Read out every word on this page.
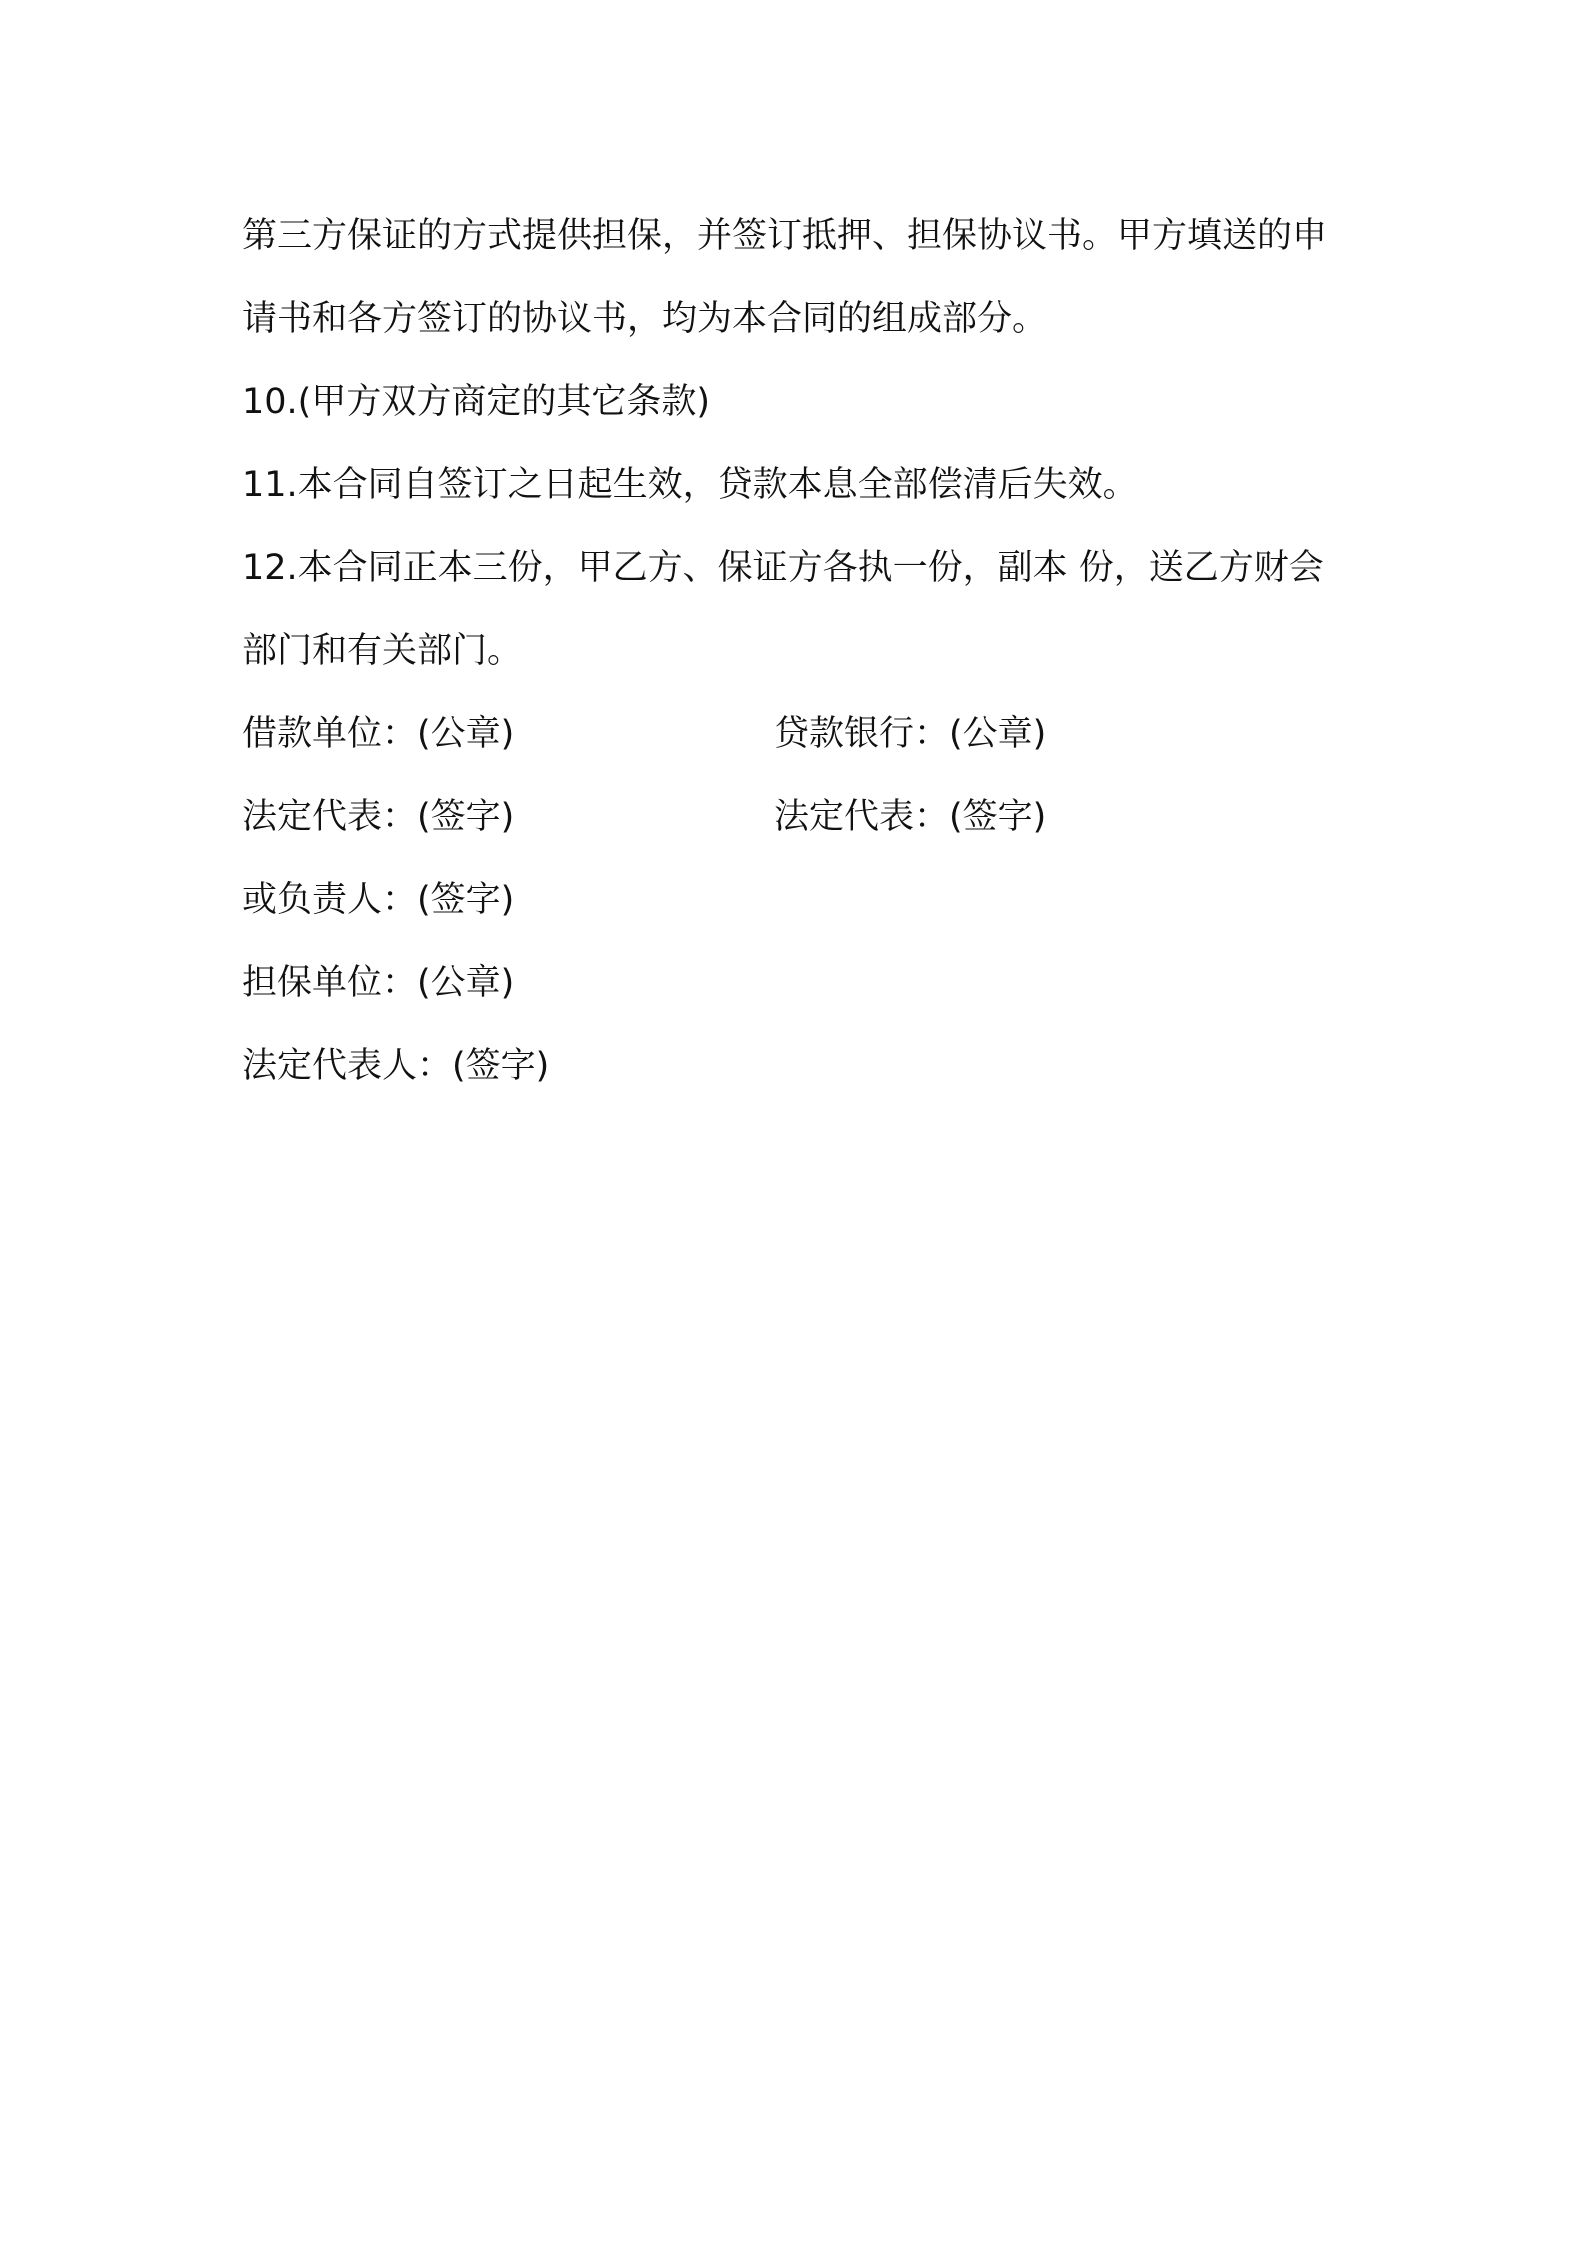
第三方保证的方式提供担保，并签订抵押、担保协议书。甲方填送的申请书和各方签订的协议书，均为本合同的组成部分。

10.(甲方双方商定的其它条款)

11.本合同自签订之日起生效，贷款本息全部偿清后失效。

12.本合同正本三份，甲乙方、保证方各执一份，副本 份，送乙方财会部门和有关部门。

借款单位：(公章)	贷款银行：(公章)
法定代表：(签字)	法定代表：(签字)
或负责人：(签字)
担保单位：(公章)
法定代表人：(签字)
